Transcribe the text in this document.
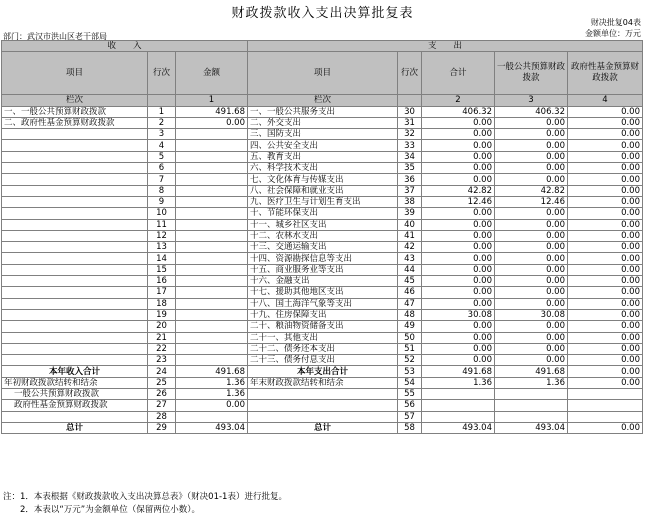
财政拨款收入支出决算批复表
财决批复04表
金额单位：万元
部门：武汉市洪山区老干部局
收　　入			支　　出				
项目	行次	金额	项目	行次	合计	一般公共预算财政拨款	政府性基金预算财政拨款
栏次		1	栏次		2	3	4
一、一般公共预算财政拨款	1	491.68	一、一般公共服务支出	30	406.32	406.32	0.00
二、政府性基金预算财政拨款	2	0.00	二、外交支出	31	0.00	0.00	0.00
	3		三、国防支出	32	0.00	0.00	0.00
	4		四、公共安全支出	33	0.00	0.00	0.00
	5		五、教育支出	34	0.00	0.00	0.00
	6		六、科学技术支出	35	0.00	0.00	0.00
	7		七、文化体育与传媒支出	36	0.00	0.00	0.00
	8		八、社会保障和就业支出	37	42.82	42.82	0.00
	9		九、医疗卫生与计划生育支出	38	12.46	12.46	0.00
	10		十、节能环保支出	39	0.00	0.00	0.00
	11		十一、城乡社区支出	40	0.00	0.00	0.00
	12		十二、农林水支出	41	0.00	0.00	0.00
	13		十三、交通运输支出	42	0.00	0.00	0.00
	14		十四、资源勘探信息等支出	43	0.00	0.00	0.00
	15		十五、商业服务业等支出	44	0.00	0.00	0.00
	16		十六、金融支出	45	0.00	0.00	0.00
	17		十七、援助其他地区支出	46	0.00	0.00	0.00
	18		十八、国土海洋气象等支出	47	0.00	0.00	0.00
	19		十九、住房保障支出	48	30.08	30.08	0.00
	20		二十、粮油物资储备支出	49	0.00	0.00	0.00
	21		二十一、其他支出	50	0.00	0.00	0.00
	22		二十二、债务还本支出	51	0.00	0.00	0.00
	23		二十三、债务付息支出	52	0.00	0.00	0.00
本年收入合计	24	491.68	本年支出合计	53	491.68	491.68	0.00
年初财政拨款结转和结余	25	1.36	年末财政拨款结转和结余	54	1.36	1.36	0.00
一般公共预算财政拨款	26	1.36		55			
政府性基金预算财政拨款	27	0.00		56			
	28			57			
总计	29	493.04	总计	58	493.04	493.04	0.00
注：1．本表根据《财政拨款收入支出决算总表》（财决01-1表）进行批复。
　　2．本表以“万元”为金额单位（保留两位小数）。
